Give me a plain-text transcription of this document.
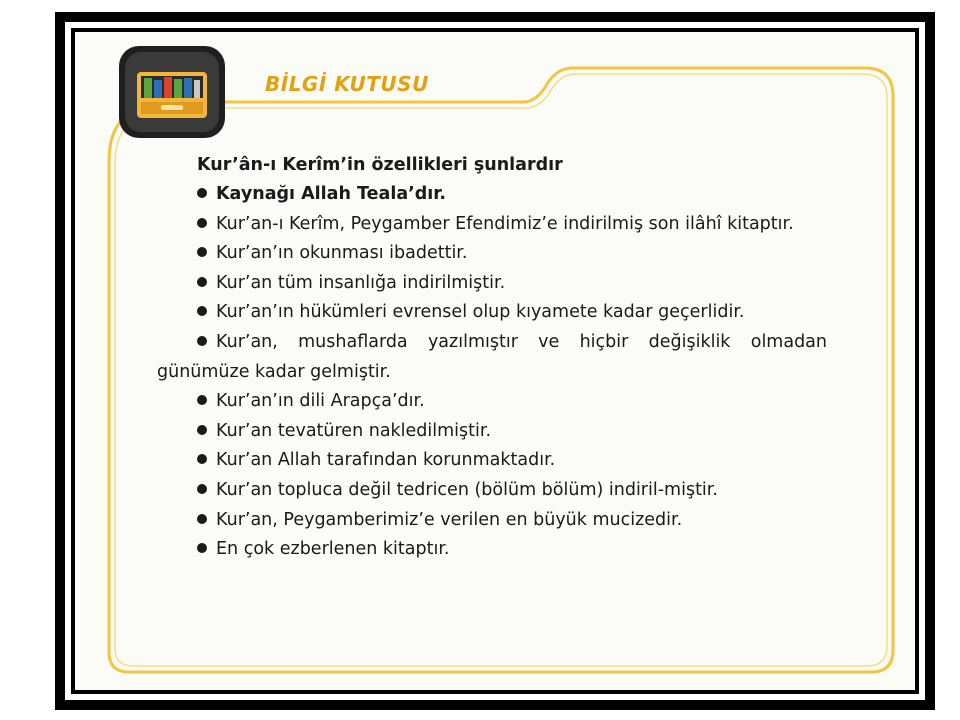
BİLGİ KUTUSU
Kur’ân-ı Kerîm’in özellikleri şunlardır
Kaynağı Allah Teala’dır.
Kur’an-ı Kerîm, Peygamber Efendimiz’e indirilmiş son ilâhî kitaptır.
Kur’an’ın okunması ibadettir.
Kur’an tüm insanlığa indirilmiştir.
Kur’an’ın hükümleri evrensel olup kıyamete kadar geçerlidir.
Kur’an, mushaflarda yazılmıştır ve hiçbir değişiklik olmadan günümüze kadar gelmiştir.
Kur’an’ın dili Arapça’dır.
Kur’an tevatüren nakledilmiştir.
Kur’an Allah tarafından korunmaktadır.
Kur’an topluca değil tedricen (bölüm bölüm) indiril-miştir.
Kur’an, Peygamberimiz’e verilen en büyük mucizedir.
En çok ezberlenen kitaptır.
